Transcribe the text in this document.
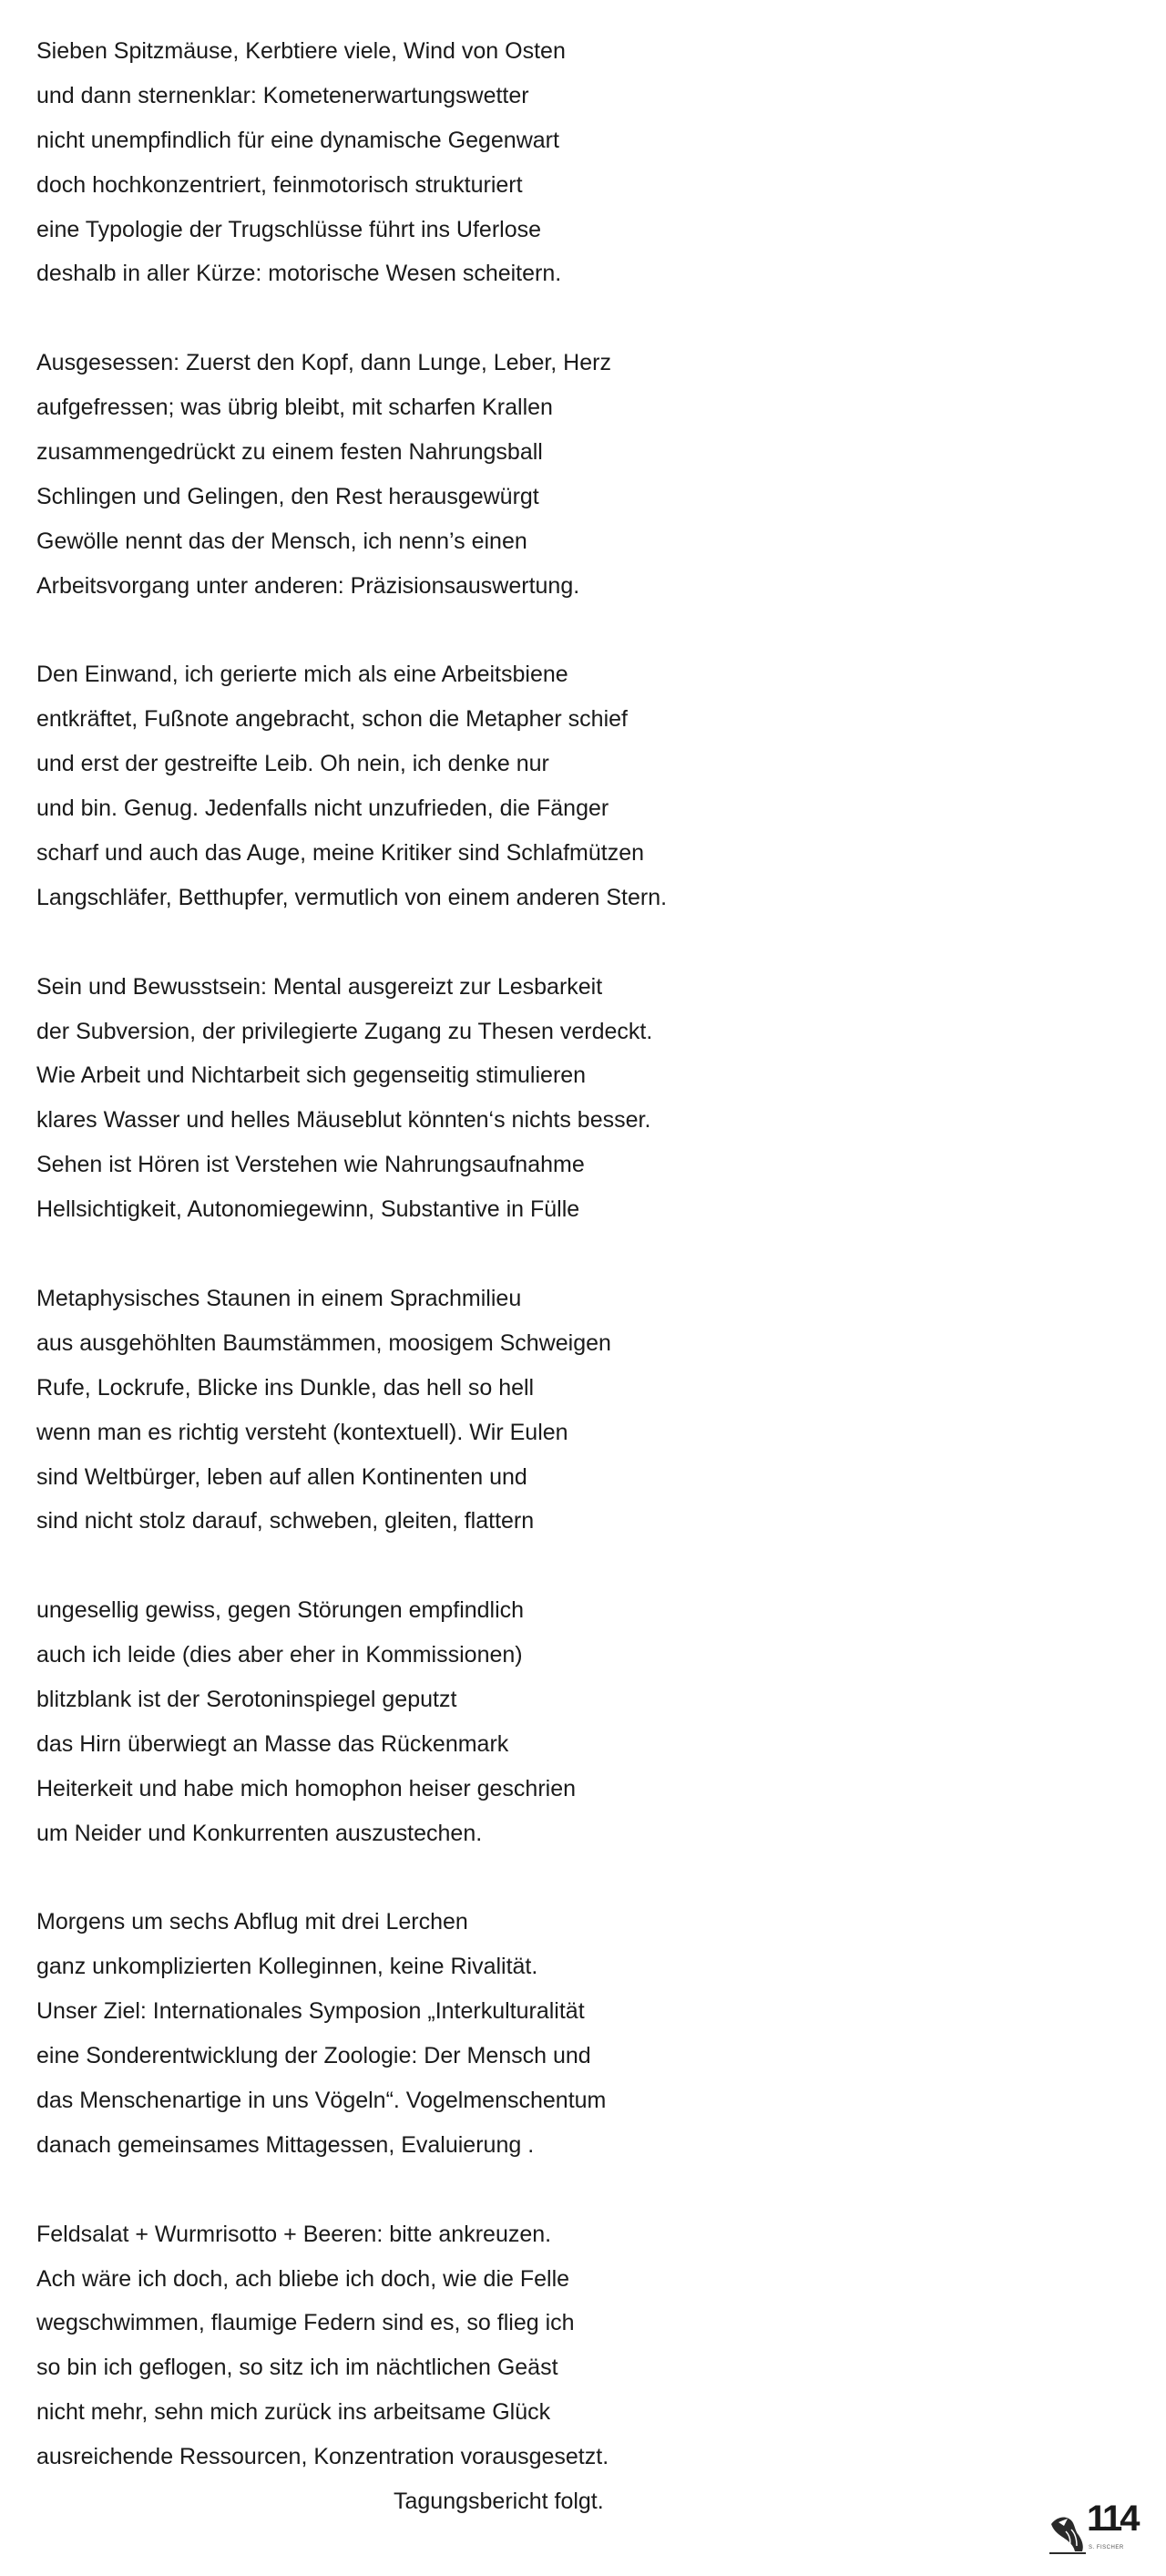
Sieben Spitzmäuse, Kerbtiere viele, Wind von Osten
und dann sternenklar: Kometenerwartungswetter
nicht unempfindlich für eine dynamische Gegenwart
doch hochkonzentriert, feinmotorisch strukturiert
eine Typologie der Trugschlüsse führt ins Uferlose
deshalb in aller Kürze: motorische Wesen scheitern.
Ausgesessen: Zuerst den Kopf, dann Lunge, Leber, Herz
aufgefressen; was übrig bleibt, mit scharfen Krallen
zusammengedrückt zu einem festen Nahrungsball
Schlingen und Gelingen, den Rest herausgewürgt
Gewölle nennt das der Mensch, ich nenn’s einen
Arbeitsvorgang unter anderen: Präzisionsauswertung.
Den Einwand, ich gerierte mich als eine Arbeitsbiene
entkräftet, Fußnote angebracht, schon die Metapher schief
und erst der gestreifte Leib. Oh nein, ich denke nur
und bin. Genug. Jedenfalls nicht unzufrieden, die Fänger
scharf und auch das Auge, meine Kritiker sind Schlafmützen
Langschläfer, Betthupfer, vermutlich von einem anderen Stern.
Sein und Bewusstsein: Mental ausgereizt zur Lesbarkeit
der Subversion, der privilegierte Zugang zu Thesen verdeckt.
Wie Arbeit und Nichtarbeit sich gegenseitig stimulieren
klares Wasser und helles Mäuseblut könnten‘s nichts besser.
Sehen ist Hören ist Verstehen wie Nahrungsaufnahme
Hellsichtigkeit, Autonomiegewinn, Substantive in Fülle
Metaphysisches Staunen in einem Sprachmilieu
aus ausgehöhlten Baumstämmen, moosigem Schweigen
Rufe, Lockrufe, Blicke ins Dunkle, das hell so hell
wenn man es richtig versteht (kontextuell). Wir Eulen
sind Weltbürger, leben auf allen Kontinenten und
sind nicht stolz darauf, schweben, gleiten, flattern
ungesellig gewiss, gegen Störungen empfindlich
auch ich leide (dies aber eher in Kommissionen)
blitzblank ist der Serotoninspiegel geputzt
das Hirn überwiegt an Masse das Rückenmark
Heiterkeit und habe mich homophon heiser geschrien
um Neider und Konkurrenten auszustechen.
Morgens um sechs Abflug mit drei Lerchen
ganz unkomplizierten Kolleginnen, keine Rivalität.
Unser Ziel: Internationales Symposion „Interkulturalität
eine Sonderentwicklung der Zoologie: Der Mensch und
das Menschenartige in uns Vögeln“. Vogelmenschentum
danach gemeinsames Mittagessen, Evaluierung .
Feldsalat + Wurmrisotto + Beeren: bitte ankreuzen.
Ach wäre ich doch, ach bliebe ich doch, wie die Felle
wegschwimmen, flaumige Federn sind es, so flieg ich
so bin ich geflogen, so sitz ich im nächtlichen Geäst
nicht mehr, sehn mich zurück ins arbeitsame Glück
ausreichende Ressourcen, Konzentration vorausgesetzt.
Tagungsbericht folgt.	114
S. FISCHER
